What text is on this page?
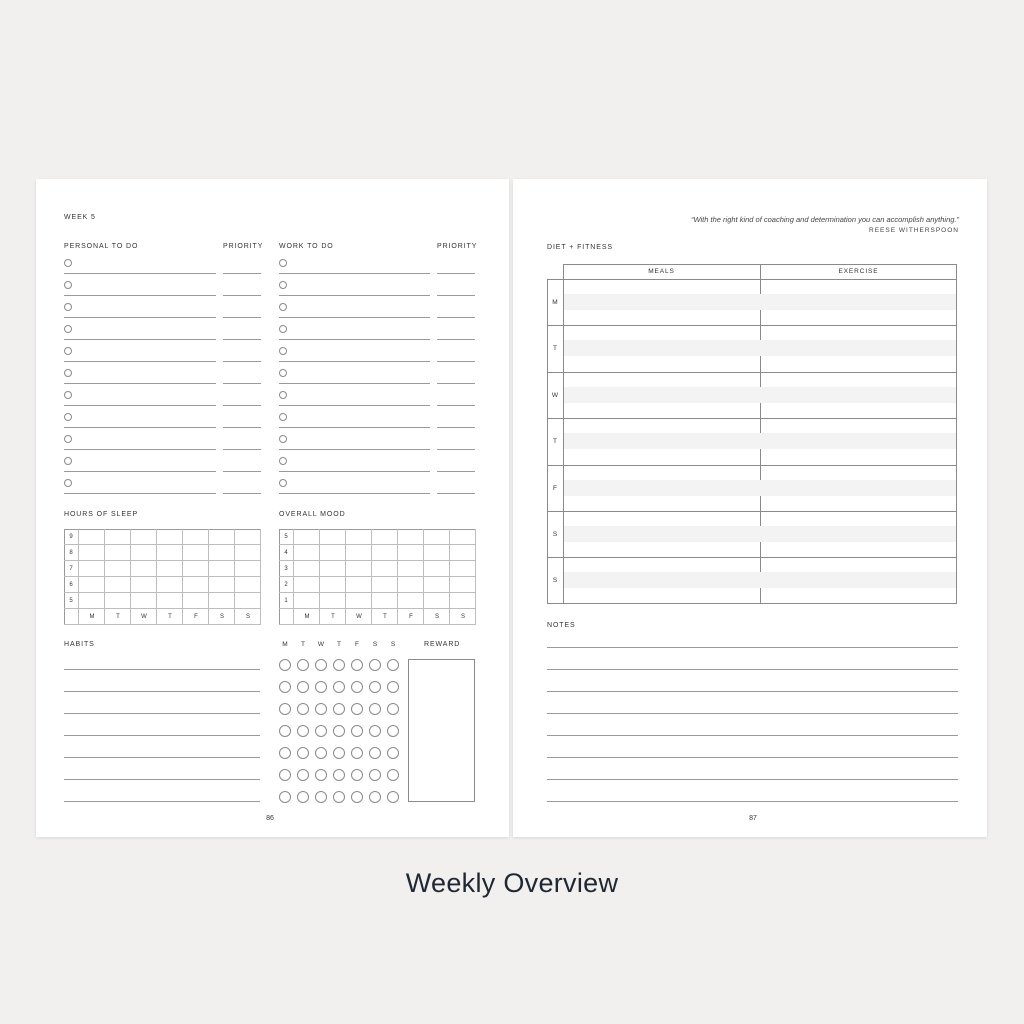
WEEK 5
PERSONAL TO DO	PRIORITY WORK TO DO	PRIORITY
HOURS OF SLEEP
9
8
7
6
5
M	T	W	T	F	S	S
OVERALL MOOD
5
4
3
2
1
M	T	W	T	F	S	S
HABITS	M	T	W	T	F	S	S	REWARD
86
“With the right kind of coaching and determination you can accomplish anything.”
REESE WITHERSPOON
DIET + FITNESS
MEALS	EXERCISE
M
T
W
T
F
S
S
NOTES
87
Weekly Overview
